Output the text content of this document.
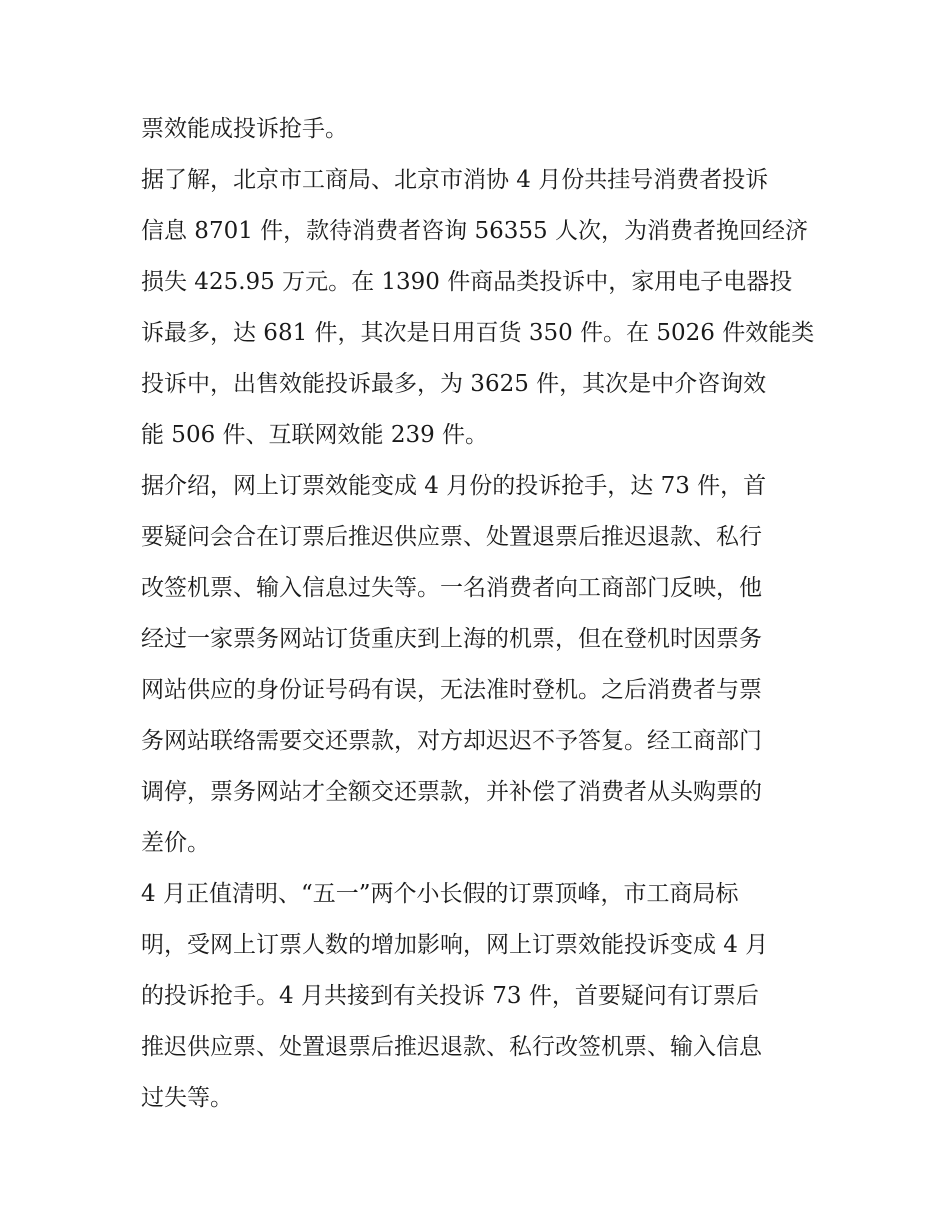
票效能成投诉抢手。
据了解，北京市工商局、北京市消协 4 月份共挂号消费者投诉
信息 8701 件，款待消费者咨询 56355 人次，为消费者挽回经济
损失 425.95 万元。在 1390 件商品类投诉中，家用电子电器投
诉最多，达 681 件，其次是日用百货 350 件。在 5026 件效能类
投诉中，出售效能投诉最多，为 3625 件，其次是中介咨询效
能 506 件、互联网效能 239 件。
据介绍，网上订票效能变成 4 月份的投诉抢手，达 73 件，首
要疑问会合在订票后推迟供应票、处置退票后推迟退款、私行
改签机票、输入信息过失等。一名消费者向工商部门反映，他
经过一家票务网站订货重庆到上海的机票，但在登机时因票务
网站供应的身份证号码有误，无法准时登机。之后消费者与票
务网站联络需要交还票款，对方却迟迟不予答复。经工商部门
调停，票务网站才全额交还票款，并补偿了消费者从头购票的
差价。
4 月正值清明、“五一”两个小长假的订票顶峰，市工商局标
明，受网上订票人数的增加影响，网上订票效能投诉变成 4 月
的投诉抢手。4 月共接到有关投诉 73 件，首要疑问有订票后
推迟供应票、处置退票后推迟退款、私行改签机票、输入信息
过失等。
